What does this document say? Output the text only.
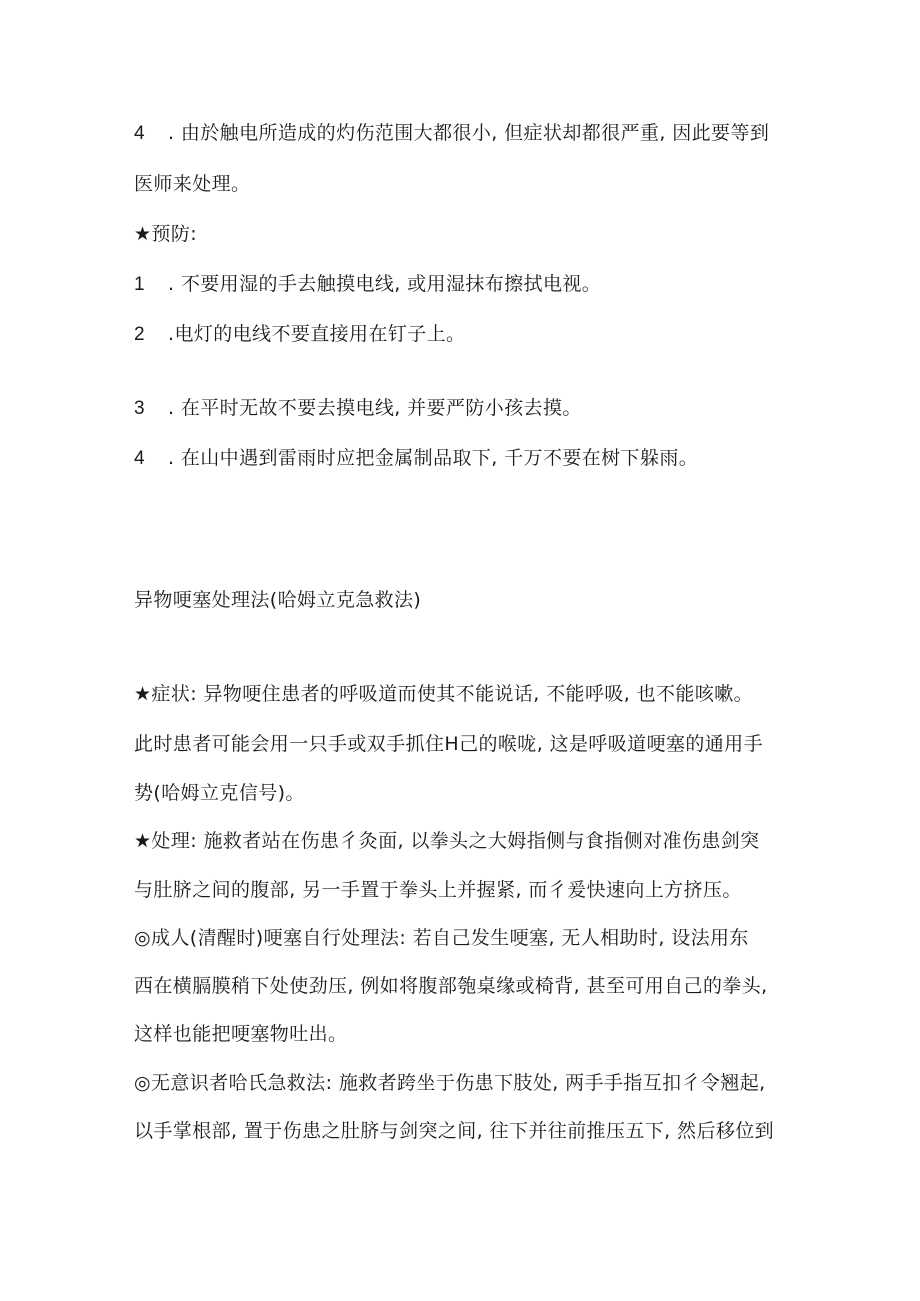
4 . 由於触电所造成的灼伤范围大都很小, 但症状却都很严重, 因此要等到
医师来处理。
★预防:
1 . 不要用湿的手去触摸电线, 或用湿抹布擦拭电视。
2 .电灯的电线不要直接用在钉子上。
3 . 在平时无故不要去摸电线, 并要严防小孩去摸。
4 . 在山中遇到雷雨时应把金属制品取下, 千万不要在树下躲雨。
异物哽塞处理法(哈姆立克急救法)
★症状: 异物哽住患者的呼吸道而使其不能说话, 不能呼吸, 也不能咳嗽。
此时患者可能会用一只手或双手抓住H己的喉咙, 这是呼吸道哽塞的通用手
势(哈姆立克信号)。
★处理: 施救者站在伤患彳灸面, 以拳头之大姆指侧与食指侧对准伤患剑突
与肚脐之间的腹部, 另一手置于拳头上并握紧, 而彳爰快速向上方挤压。
◎成人(清醒时)哽塞自行处理法: 若自己发生哽塞, 无人相助时, 设法用东
西在横膈膜稍下处使劲压, 例如将腹部匏桌缘或椅背, 甚至可用自己的拳头,
这样也能把哽塞物吐出。
◎无意识者哈氏急救法: 施救者跨坐于伤患下肢处, 两手手指互扣彳令翘起,
以手掌根部, 置于伤患之肚脐与剑突之间, 往下并往前推压五下, 然后移位到
